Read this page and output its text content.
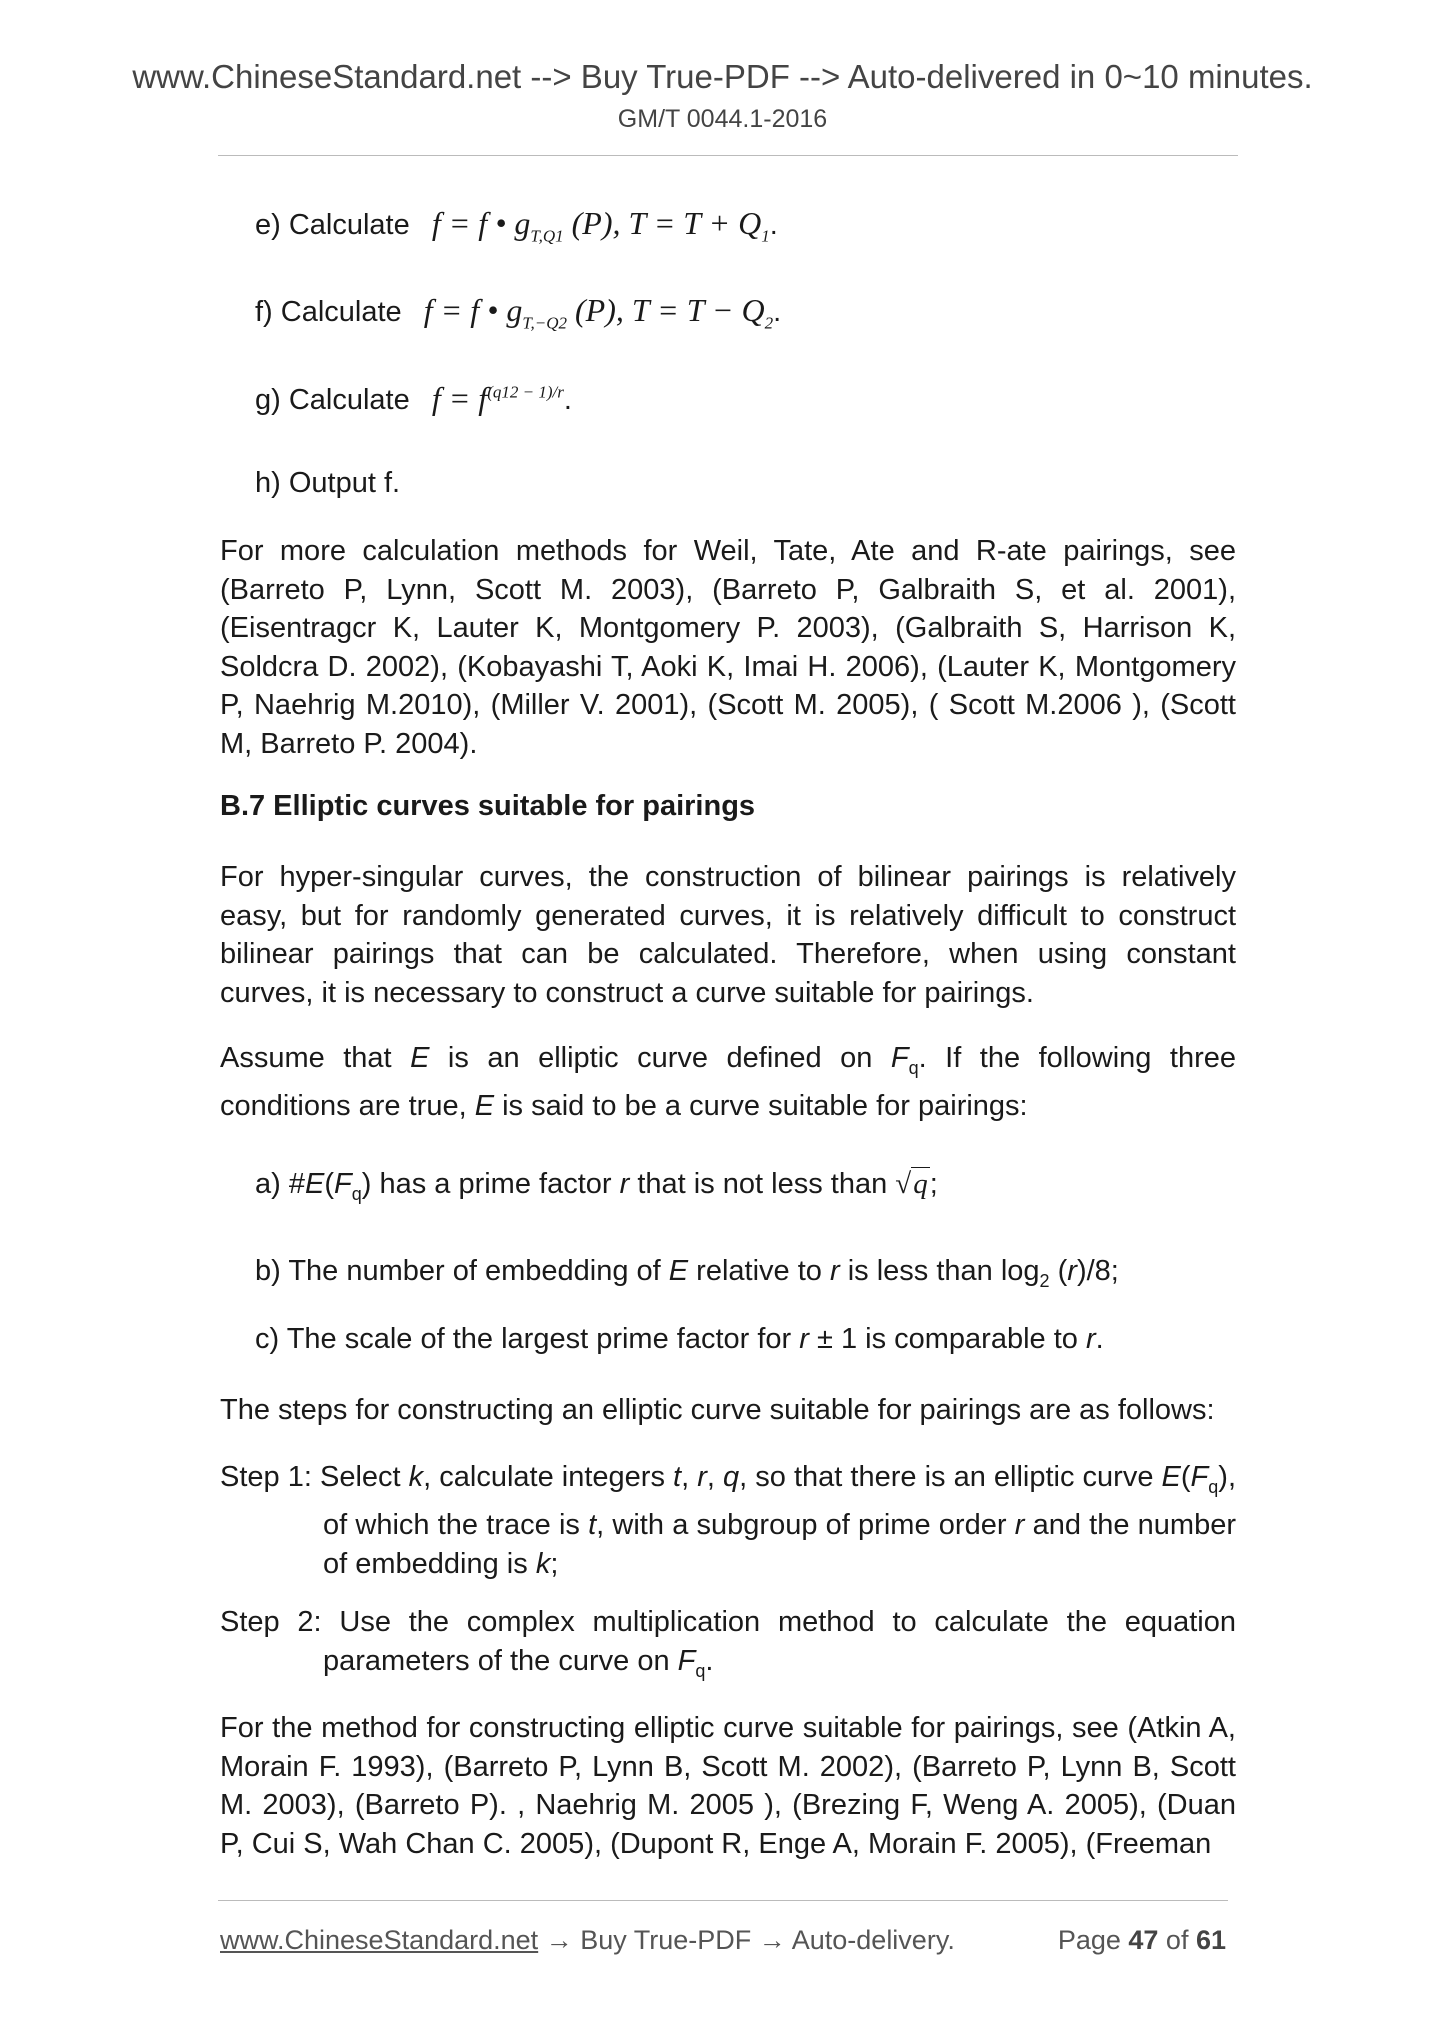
www.ChineseStandard.net --> Buy True-PDF --> Auto-delivered in 0~10 minutes.
GM/T 0044.1-2016
e) Calculate f = f • $g_{T,Q1}$ (P), $T = T + Q_1$.
f) Calculate f = f • $g_{T,-Q2}$ (P), $T = T - Q_2$.
g) Calculate $f = f^{(q12 - 1)/r}$.
h) Output f.
For more calculation methods for Weil, Tate, Ate and R-ate pairings, see (Barreto P, Lynn, Scott M. 2003), (Barreto P, Galbraith S, et al. 2001), (Eisentragcr K, Lauter K, Montgomery P. 2003), (Galbraith S, Harrison K, Soldcra D. 2002), (Kobayashi T, Aoki K, Imai H. 2006), (Lauter K, Montgomery P, Naehrig M.2010), (Miller V. 2001), (Scott M. 2005), ( Scott M.2006 ), (Scott M, Barreto P. 2004).
B.7 Elliptic curves suitable for pairings
For hyper-singular curves, the construction of bilinear pairings is relatively easy, but for randomly generated curves, it is relatively difficult to construct bilinear pairings that can be calculated. Therefore, when using constant curves, it is necessary to construct a curve suitable for pairings.
Assume that E is an elliptic curve defined on $F_q$. If the following three conditions are true, E is said to be a curve suitable for pairings:
a) $\#E(F_q)$ has a prime factor r that is not less than √q;
b) The number of embedding of E relative to r is less than $\log_2 (r)/8$;
c) The scale of the largest prime factor for r ± 1 is comparable to r.
The steps for constructing an elliptic curve suitable for pairings are as follows:
Step 1: Select k, calculate integers t, r, q, so that there is an elliptic curve $E(F_q)$, of which the trace is t, with a subgroup of prime order r and the number of embedding is k;
Step 2: Use the complex multiplication method to calculate the equation parameters of the curve on $F_q$.
For the method for constructing elliptic curve suitable for pairings, see (Atkin A, Morain F. 1993), (Barreto P, Lynn B, Scott M. 2002), (Barreto P, Lynn B, Scott M. 2003), (Barreto P). , Naehrig M. 2005 ), (Brezing F, Weng A. 2005), (Duan P, Cui S, Wah Chan C. 2005), (Dupont R, Enge A, Morain F. 2005), (Freeman
www.ChineseStandard.net → Buy True-PDF → Auto-delivery.	Page 47 of 61
